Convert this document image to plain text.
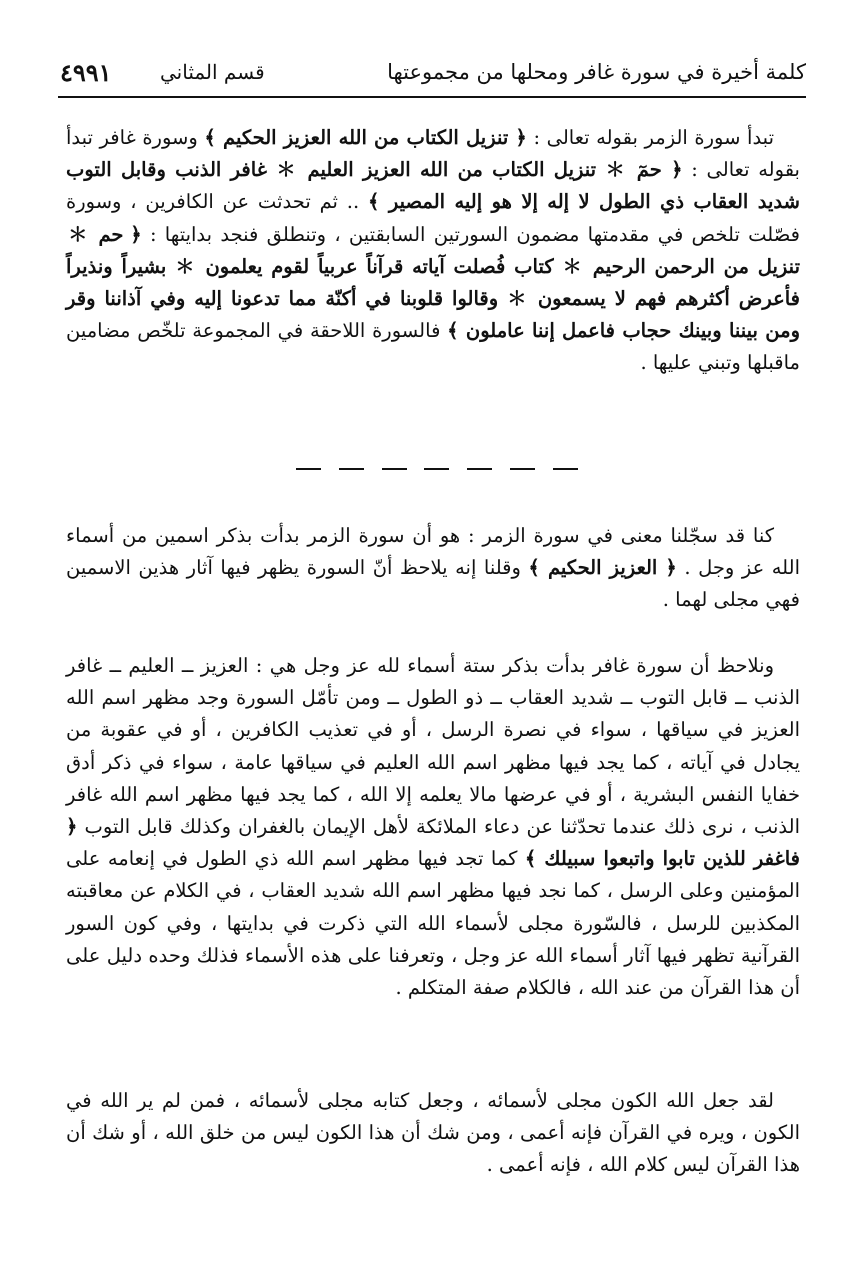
كلمة أخيرة في سورة غافر ومحلها من مجموعتها
قسم المثاني
٤٩٩١

تبدأ سورة الزمر بقوله تعالى : ﴿ تنزيل الكتاب من الله العزيز الحكيم ﴾ وسورة غافر تبدأ بقوله تعالى : ﴿ حمٓ ＊ تنزيل الكتاب من الله العزيز العليم ＊ غافر الذنب وقابل التوب شديد العقاب ذي الطول لا إله إلا هو إليه المصير ﴾ .. ثم تحدثت عن الكافرين ، وسورة فصّلت تلخص في مقدمتها مضمون السورتين السابقتين ، وتنطلق فنجد بدايتها : ﴿ حم ＊ تنزيل من الرحمن الرحيم ＊ كتاب فُصلت آياته قرآناً عربياً لقوم يعلمون ＊ بشيراً ونذيراً فأعرض أكثرهم فهم لا يسمعون ＊ وقالوا قلوبنا في أكنّة مما تدعونا إليه وفي آذاننا وقر ومن بيننا وبينك حجاب فاعمل إننا عاملون ﴾ فالسورة اللاحقة في المجموعة تلخّص مضامين ماقبلها وتبني عليها .

كنا قد سجّلنا معنى في سورة الزمر : هو أن سورة الزمر بدأت بذكر اسمين من أسماء الله عز وجل . ﴿ العزيز الحكيم ﴾ وقلنا إنه يلاحظ أنّ السورة يظهر فيها آثار هذين الاسمين فهي مجلى لهما .

ونلاحظ أن سورة غافر بدأت بذكر ستة أسماء لله عز وجل هي : العزيز ــ العليم ــ غافر الذنب ــ قابل التوب ــ شديد العقاب ــ ذو الطول ــ ومن تأمّل السورة وجد مظهر اسم الله العزيز في سياقها ، سواء في نصرة الرسل ، أو في تعذيب الكافرين ، أو في عقوبة من يجادل في آياته ، كما يجد فيها مظهر اسم الله العليم في سياقها عامة ، سواء في ذكر أدق خفايا النفس البشرية ، أو في عرضها مالا يعلمه إلا الله ، كما يجد فيها مظهر اسم الله غافر الذنب ، نرى ذلك عندما تحدّثنا عن دعاء الملائكة لأهل الإيمان بالغفران وكذلك قابل التوب ﴿ فاغفر للذين تابوا واتبعوا سبيلك ﴾ كما تجد فيها مظهر اسم الله ذي الطول في إنعامه على المؤمنين وعلى الرسل ، كما نجد فيها مظهر اسم الله شديد العقاب ، في الكلام عن معاقبته المكذبين للرسل ، فالسّورة مجلى لأسماء الله التي ذكرت في بدايتها ، وفي كون السور القرآنية تظهر فيها آثار أسماء الله عز وجل ، وتعرفنا على هذه الأسماء فذلك وحده دليل على أن هذا القرآن من عند الله ، فالكلام صفة المتكلم .

لقد جعل الله الكون مجلى لأسمائه ، وجعل كتابه مجلى لأسمائه ، فمن لم ير الله في الكون ، ويره في القرآن فإنه أعمى ، ومن شك أن هذا الكون ليس من خلق الله ، أو شك أن هذا القرآن ليس كلام الله ، فإنه أعمى .
